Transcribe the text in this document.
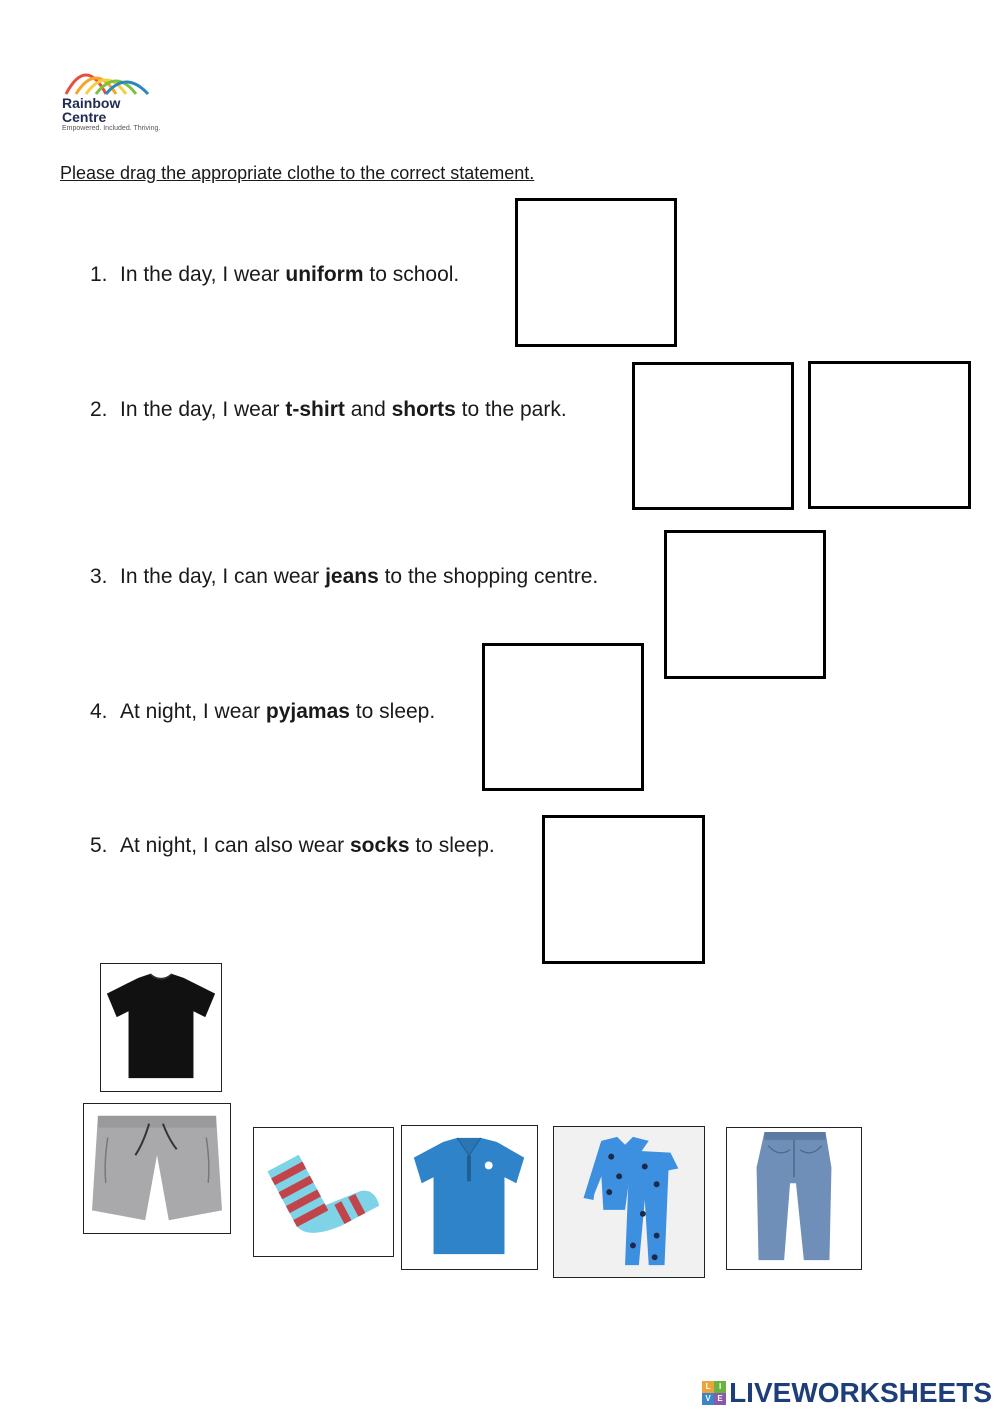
Rainbow
Centre
Empowered. Included. Thriving.
Please drag the appropriate clothe to the correct statement.
1. In the day, I wear uniform to school.
2. In the day, I wear t-shirt and shorts to the park.
3. In the day, I can wear jeans to the shopping centre.
4. At night, I wear pyjamas to sleep.
5. At night, I can also wear socks to sleep.
L	I
V E LIVEWORKSHEETS
